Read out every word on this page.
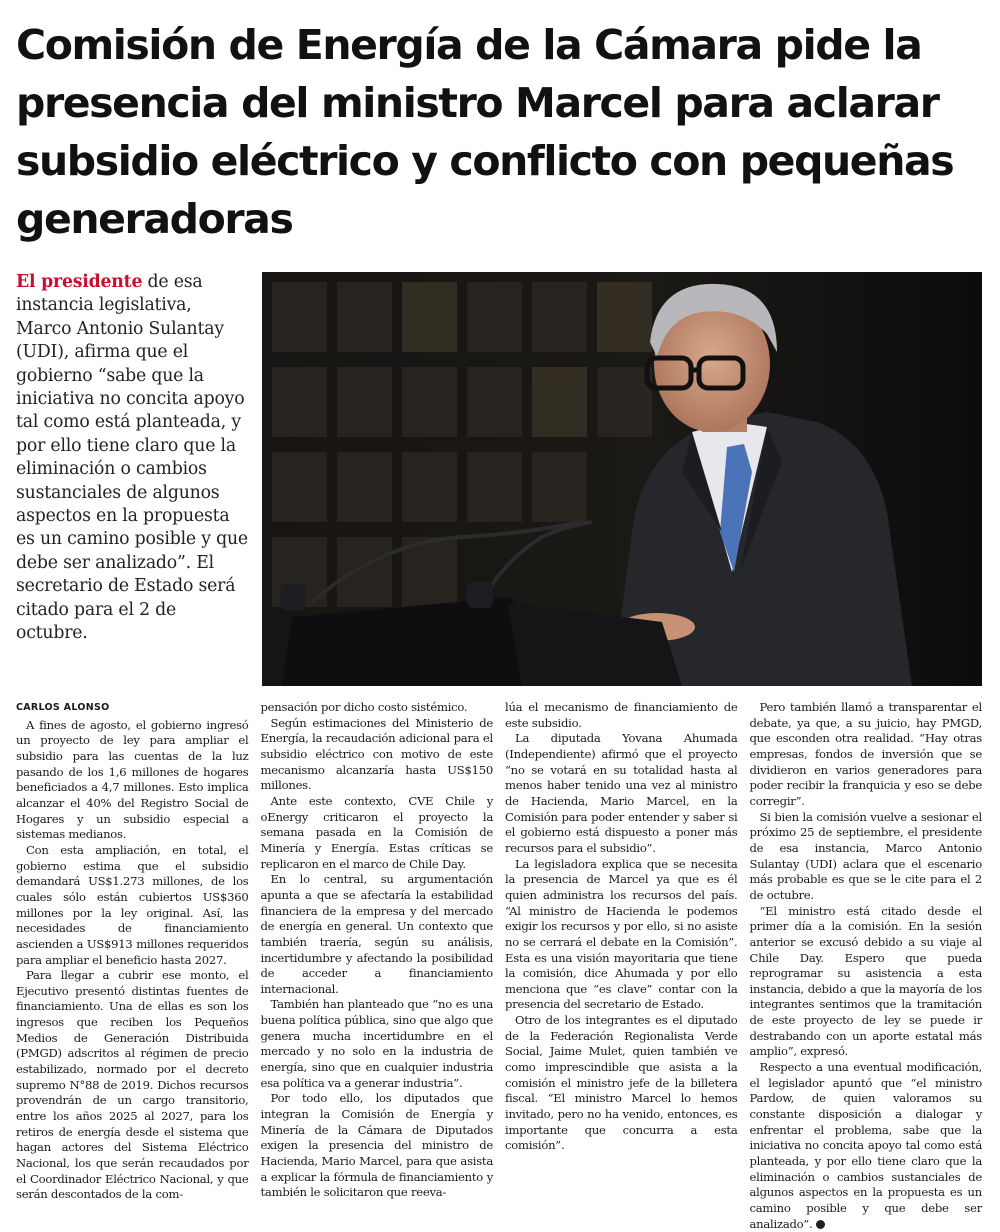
Comisión de Energía de la Cámara pide la presencia del ministro Marcel para aclarar subsidio eléctrico y conflicto con pequeñas generadoras

El presidente de esa instancia legislativa, Marco Antonio Sulantay (UDI), afirma que el gobierno “sabe que la iniciativa no concita apoyo tal como está planteada, y por ello tiene claro que la eliminación o cambios sustanciales de algunos aspectos en la propuesta es un camino posible y que debe ser analizado”. El secretario de Estado será citado para el 2 de octubre.

CARLOS ALONSO

A fines de agosto, el gobierno ingresó un proyecto de ley para ampliar el subsidio para las cuentas de la luz pasando de los 1,6 millones de hogares beneficiados a 4,7 millones. Esto implica alcanzar el 40% del Registro Social de Hogares y un subsidio especial a sistemas medianos.

Con esta ampliación, en total, el gobierno estima que el subsidio demandará US$1.273 millones, de los cuales sólo están cubiertos US$360 millones por la ley original. Así, las necesidades de financiamiento ascienden a US$913 millones requeridos para ampliar el beneficio hasta 2027.

Para llegar a cubrir ese monto, el Ejecutivo presentó distintas fuentes de financiamiento. Una de ellas es son los ingresos que reciben los Pequeños Medios de Generación Distribuida (PMGD) adscritos al régimen de precio estabilizado, normado por el decreto supremo N°88 de 2019. Dichos recursos provendrán de un cargo transitorio, entre los años 2025 al 2027, para los retiros de energía desde el sistema que hagan actores del Sistema Eléctrico Nacional, los que serán recaudados por el Coordinador Eléctrico Nacional, y que serán descontados de la com-

pensación por dicho costo sistémico.

Según estimaciones del Ministerio de Energía, la recaudación adicional para el subsidio eléctrico con motivo de este mecanismo alcanzaría hasta US$150 millones.

Ante este contexto, CVE Chile y oEnergy criticaron el proyecto la semana pasada en la Comisión de Minería y Energía. Estas críticas se replicaron en el marco de Chile Day.

En lo central, su argumentación apunta a que se afectaría la estabilidad financiera de la empresa y del mercado de energía en general. Un contexto que también traería, según su análisis, incertidumbre y afectando la posibilidad de acceder a financiamiento internacional.

También han planteado que “no es una buena política pública, sino que algo que genera mucha incertidumbre en el mercado y no solo en la industria de energía, sino que en cualquier industria esa política va a generar industria”.

Por todo ello, los diputados que integran la Comisión de Energía y Minería de la Cámara de Diputados exigen la presencia del ministro de Hacienda, Mario Marcel, para que asista a explicar la fórmula de financiamiento y también le solicitaron que reeva-

lúa el mecanismo de financiamiento de este subsidio.

La diputada Yovana Ahumada (Independiente) afirmó que el proyecto “no se votará en su totalidad hasta al menos haber tenido una vez al ministro de Hacienda, Mario Marcel, en la Comisión para poder entender y saber si el gobierno está dispuesto a poner más recursos para el subsidio”.

La legisladora explica que se necesita la presencia de Marcel ya que es él quien administra los recursos del país. “Al ministro de Hacienda le podemos exigir los recursos y por ello, si no asiste no se cerrará el debate en la Comisión”. Esta es una visión mayoritaria que tiene la comisión, dice Ahumada y por ello menciona que “es clave” contar con la presencia del secretario de Estado.

Otro de los integrantes es el diputado de la Federación Regionalista Verde Social, Jaime Mulet, quien también ve como imprescindible que asista a la comisión el ministro jefe de la billetera fiscal. “El ministro Marcel lo hemos invitado, pero no ha venido, entonces, es importante que concurra a esta comisión”.

Pero también llamó a transparentar el debate, ya que, a su juicio, hay PMGD, que esconden otra realidad. “Hay otras empresas, fondos de inversión que se dividieron en varios generadores para poder recibir la franquicia y eso se debe corregir”.

Si bien la comisión vuelve a sesionar el próximo 25 de septiembre, el presidente de esa instancia, Marco Antonio Sulantay (UDI) aclara que el escenario más probable es que se le cite para el 2 de octubre.

“El ministro está citado desde el primer día a la comisión. En la sesión anterior se excusó debido a su viaje al Chile Day. Espero que pueda reprogramar su asistencia a esta instancia, debido a que la mayoría de los integrantes sentimos que la tramitación de este proyecto de ley se puede ir destrabando con un aporte estatal más amplio”, expresó.

Respecto a una eventual modificación, el legislador apuntó que “el ministro Pardow, de quien valoramos su constante disposición a dialogar y enfrentar el problema, sabe que la iniciativa no concita apoyo tal como está planteada, y por ello tiene claro que la eliminación o cambios sustanciales de algunos aspectos en la propuesta es un camino posible y que debe ser analizado”.
